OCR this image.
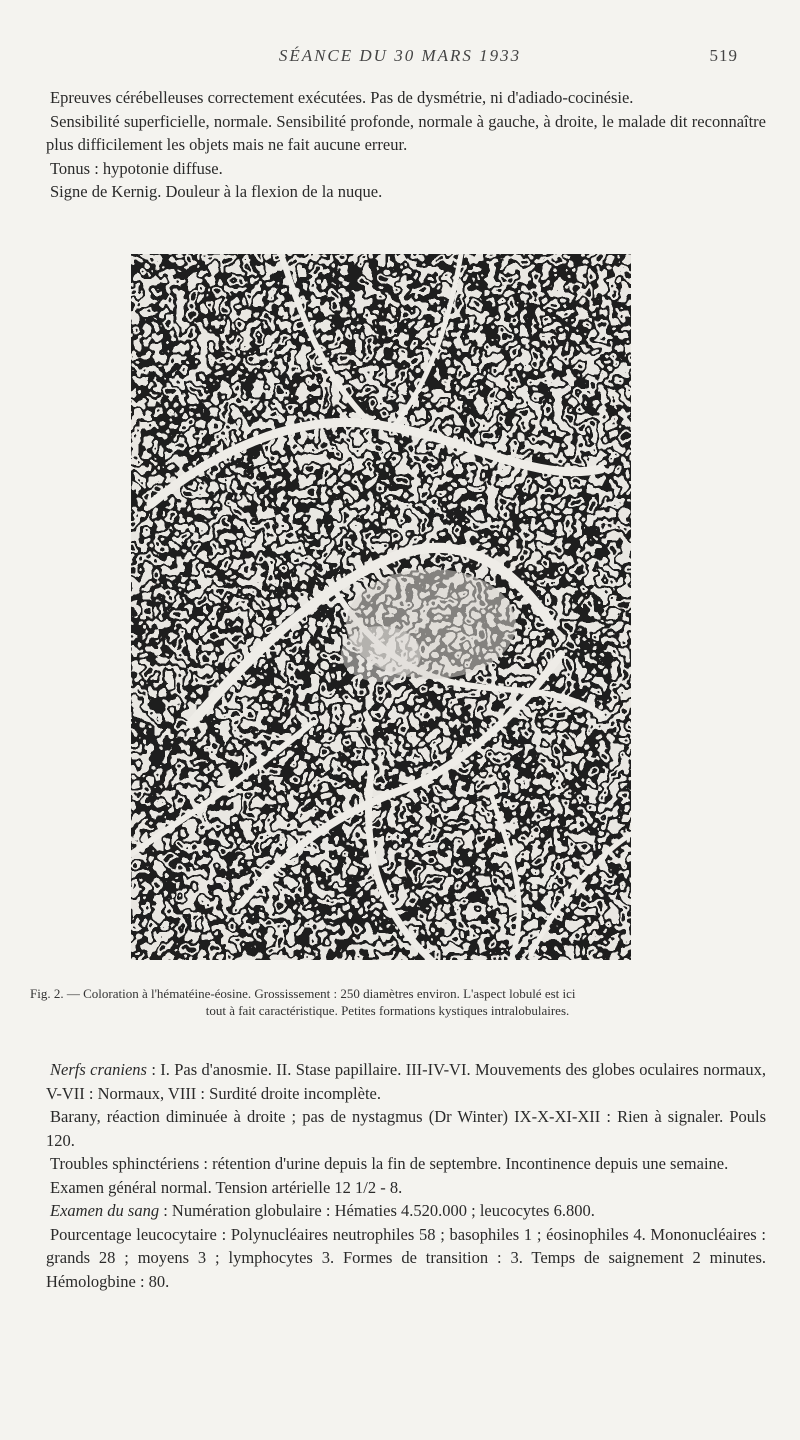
SÉANCE DU 30 MARS 1933	519

Epreuves cérébelleuses correctement exécutées. Pas de dysmétrie, ni d'adiado-cocinésie.

Sensibilité superficielle, normale. Sensibilité profonde, normale à gauche, à droite, le malade dit reconnaître plus difficilement les objets mais ne fait aucune erreur.

Tonus : hypotonie diffuse.

Signe de Kernig. Douleur à la flexion de la nuque.

Fig. 2. — Coloration à l'hématéine-éosine. Grossissement : 250 diamètres environ. L'aspect lobulé est ici
tout à fait caractéristique. Petites formations kystiques intralobulaires.

Nerfs craniens : I. Pas d'anosmie. II. Stase papillaire. III-IV-VI. Mouvements des globes oculaires normaux, V-VII : Normaux, VIII : Surdité droite incomplète.

Barany, réaction diminuée à droite ; pas de nystagmus (Dr Winter) IX-X-XI-XII : Rien à signaler. Pouls 120.

Troubles sphinctériens : rétention d'urine depuis la fin de septembre. Incontinence depuis une semaine.

Examen général normal. Tension artérielle 12 1/2 - 8.

Examen du sang : Numération globulaire : Hématies 4.520.000 ; leucocytes 6.800.

Pourcentage leucocytaire : Polynucléaires neutrophiles 58 ; basophiles 1 ; éosinophiles 4. Mononucléaires : grands 28 ; moyens 3 ; lymphocytes 3. Formes de transition : 3. Temps de saignement 2 minutes. Hémologbine : 80.
